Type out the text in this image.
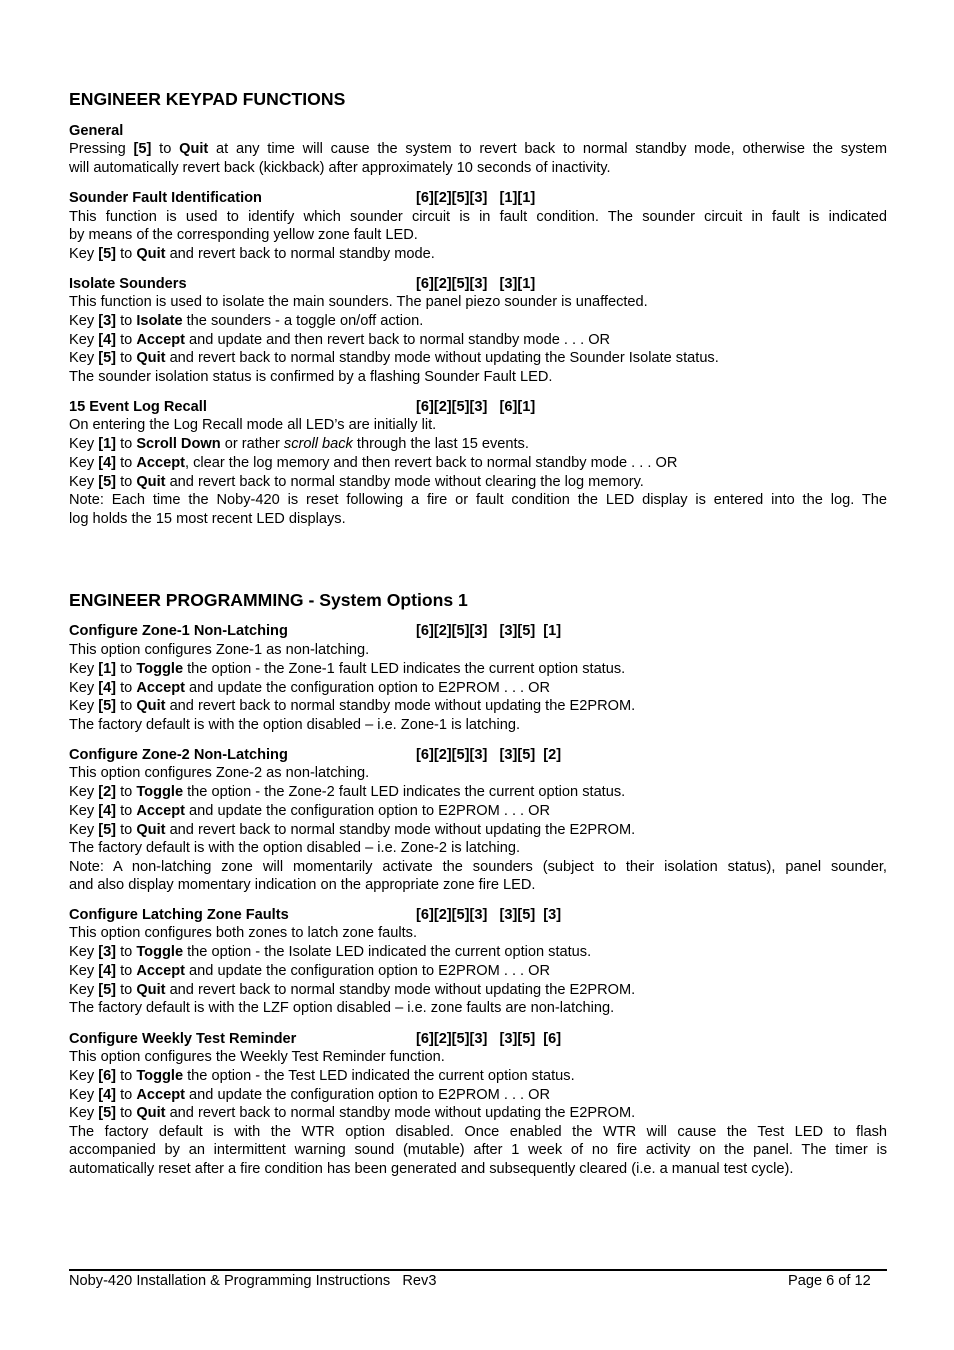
ENGINEER KEYPAD FUNCTIONS
General
Pressing [5] to Quit at any time will cause the system to revert back to normal standby mode, otherwise the system
will automatically revert back (kickback) after approximately 10 seconds of inactivity.
Sounder Fault Identification	[6][2][5][3]   [1][1]
This function is used to identify which sounder circuit is in fault condition. The sounder circuit in fault is indicated
by means of the corresponding yellow zone fault LED.
Key [5] to Quit and revert back to normal standby mode.
Isolate Sounders	[6][2][5][3]   [3][1]
This function is used to isolate the main sounders. The panel piezo sounder is unaffected.
Key [3] to Isolate the sounders - a toggle on/off action.
Key [4] to Accept and update and then revert back to normal standby mode . . . OR
Key [5] to Quit and revert back to normal standby mode without updating the Sounder Isolate status.
The sounder isolation status is confirmed by a flashing Sounder Fault LED.
15 Event Log Recall	[6][2][5][3]   [6][1]
On entering the Log Recall mode all LED’s are initially lit.
Key [1] to Scroll Down or rather scroll back through the last 15 events.
Key [4] to Accept, clear the log memory and then revert back to normal standby mode . . . OR
Key [5] to Quit and revert back to normal standby mode without clearing the log memory.
Note: Each time the Noby-420 is reset following a fire or fault condition the LED display is entered into the log. The
log holds the 15 most recent LED displays.
ENGINEER PROGRAMMING - System Options 1
Configure Zone-1 Non-Latching	[6][2][5][3]   [3][5]  [1]
This option configures Zone-1 as non-latching.
Key [1] to Toggle the option - the Zone-1 fault LED indicates the current option status.
Key [4] to Accept and update the configuration option to E2PROM . . . OR
Key [5] to Quit and revert back to normal standby mode without updating the E2PROM.
The factory default is with the option disabled – i.e. Zone-1 is latching.
Configure Zone-2 Non-Latching	[6][2][5][3]   [3][5]  [2]
This option configures Zone-2 as non-latching.
Key [2] to Toggle the option - the Zone-2 fault LED indicates the current option status.
Key [4] to Accept and update the configuration option to E2PROM . . . OR
Key [5] to Quit and revert back to normal standby mode without updating the E2PROM.
The factory default is with the option disabled – i.e. Zone-2 is latching.
Note: A non-latching zone will momentarily activate the sounders (subject to their isolation status), panel sounder,
and also display momentary indication on the appropriate zone fire LED.
Configure Latching Zone Faults	[6][2][5][3]   [3][5]  [3]
This option configures both zones to latch zone faults.
Key [3] to Toggle the option - the Isolate LED indicated the current option status.
Key [4] to Accept and update the configuration option to E2PROM . . . OR
Key [5] to Quit and revert back to normal standby mode without updating the E2PROM.
The factory default is with the LZF option disabled – i.e. zone faults are non-latching.
Configure Weekly Test Reminder	[6][2][5][3]   [3][5]  [6]
This option configures the Weekly Test Reminder function.
Key [6] to Toggle the option - the Test LED indicated the current option status.
Key [4] to Accept and update the configuration option to E2PROM . . . OR
Key [5] to Quit and revert back to normal standby mode without updating the E2PROM.
The factory default is with the WTR option disabled. Once enabled the WTR will cause the Test LED to flash
accompanied by an intermittent warning sound (mutable) after 1 week of no fire activity on the panel. The timer is
automatically reset after a fire condition has been generated and subsequently cleared (i.e. a manual test cycle).
Noby-420 Installation & Programming Instructions   Rev3	Page 6 of 12
